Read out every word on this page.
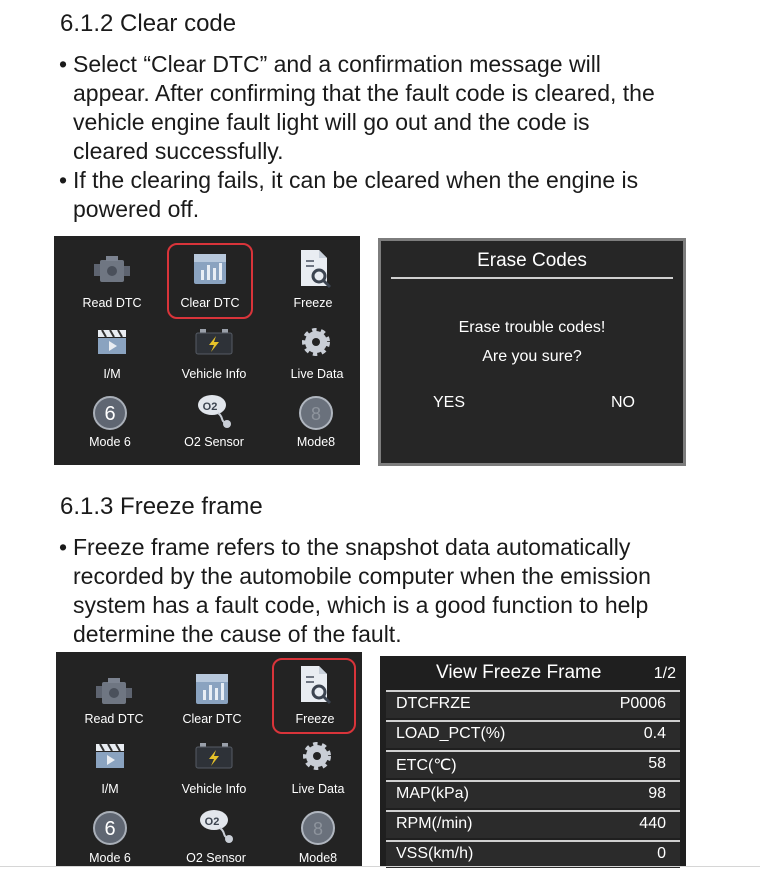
6.1.2 Clear code
• Select “Clear DTC” and a confirmation message will
appear. After confirming that the fault code is cleared, the
vehicle engine fault light will go out and the code is
cleared successfully.
• If the clearing fails, it can be cleared when the engine is
powered off.
Read DTC	Clear DTC	Freeze
I/M	Vehicle Info	Live Data
6
Mode 6
O2
O2 Sensor
8
Mode8
Erase Codes
Erase trouble codes!
Are you sure?
YES	NO
6.1.3 Freeze frame
• Freeze frame refers to the snapshot data automatically
recorded by the automobile computer when the emission
system has a fault code, which is a good function to help
determine the cause of the fault.
Read DTC	Clear DTC	Freeze
I/M	Vehicle Info	Live Data
6
Mode 6
O2
O2 Sensor
8
Mode8
View Freeze Frame	1/2
DTCFRZE	P0006
LOAD_PCT(%)	0.4
ETC(℃)	58
MAP(kPa)	98
RPM(/min)	440
VSS(km/h)	0
